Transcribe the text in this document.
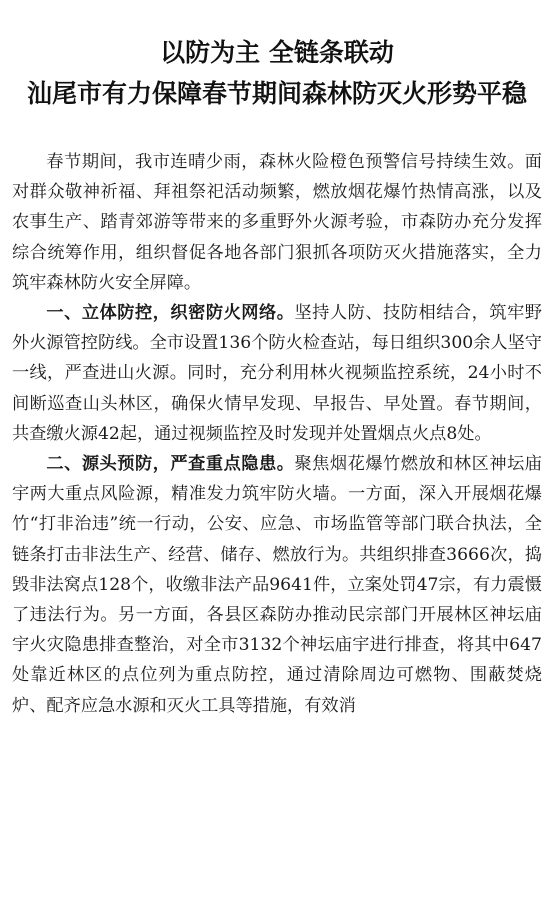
以防为主 全链条联动
汕尾市有力保障春节期间森林防灭火形势平稳

春节期间，我市连晴少雨，森林火险橙色预警信号持续生效。面对群众敬神祈福、拜祖祭祀活动频繁，燃放烟花爆竹热情高涨，以及农事生产、踏青郊游等带来的多重野外火源考验，市森防办充分发挥综合统筹作用，组织督促各地各部门狠抓各项防灭火措施落实，全力筑牢森林防火安全屏障。

一、立体防控，织密防火网络。坚持人防、技防相结合，筑牢野外火源管控防线。全市设置136个防火检查站，每日组织300余人坚守一线，严查进山火源。同时，充分利用林火视频监控系统，24小时不间断巡查山头林区，确保火情早发现、早报告、早处置。春节期间，共查缴火源42起，通过视频监控及时发现并处置烟点火点8处。

二、源头预防，严查重点隐患。聚焦烟花爆竹燃放和林区神坛庙宇两大重点风险源，精准发力筑牢防火墙。一方面，深入开展烟花爆竹“打非治违”统一行动，公安、应急、市场监管等部门联合执法，全链条打击非法生产、经营、储存、燃放行为。共组织排查3666次，捣毁非法窝点128个，收缴非法产品9641件，立案处罚47宗，有力震慑了违法行为。另一方面，各县区森防办推动民宗部门开展林区神坛庙宇火灾隐患排查整治，对全市3132个神坛庙宇进行排查，将其中647处靠近林区的点位列为重点防控，通过清除周边可燃物、围蔽焚烧炉、配齐应急水源和灭火工具等措施，有效消
